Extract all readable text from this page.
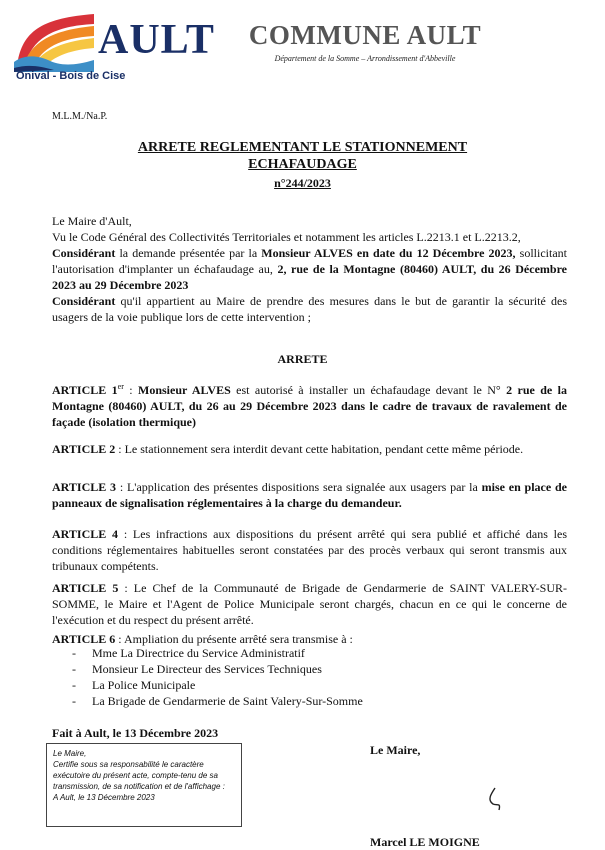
AULT
Onival - Bois de Cise
COMMUNE AULT
Département de la Somme – Arrondissement d'Abbeville
M.L.M./Na.P.
ARRETE REGLEMENTANT LE STATIONNEMENT
ECHAFAUDAGE
n°244/2023
Le Maire d'Ault,
Vu le Code Général des Collectivités Territoriales et notamment les articles L.2213.1 et L.2213.2,
Considérant la demande présentée par la Monsieur ALVES en date du 12 Décembre 2023, sollicitant l'autorisation d'implanter un échafaudage au, 2, rue de la Montagne (80460) AULT, du 26 Décembre 2023 au 29 Décembre 2023
Considérant qu'il appartient au Maire de prendre des mesures dans le but de garantir la sécurité des usagers de la voie publique lors de cette intervention ;
ARRETE
ARTICLE 1er : Monsieur ALVES est autorisé à installer un échafaudage devant le N° 2 rue de la Montagne (80460) AULT, du 26 au 29 Décembre 2023 dans le cadre de travaux de ravalement de façade (isolation thermique)
ARTICLE 2 : Le stationnement sera interdit devant cette habitation, pendant cette même période.
ARTICLE 3 : L'application des présentes dispositions sera signalée aux usagers par la mise en place de panneaux de signalisation réglementaires à la charge du demandeur.
ARTICLE 4 : Les infractions aux dispositions du présent arrêté qui sera publié et affiché dans les conditions réglementaires habituelles seront constatées par des procès verbaux qui seront transmis aux tribunaux compétents.
ARTICLE 5 : Le Chef de la Communauté de Brigade de Gendarmerie de SAINT VALERY-SUR-SOMME, le Maire et l'Agent de Police Municipale seront chargés, chacun en ce qui le concerne de l'exécution et du respect du présent arrêté.
ARTICLE 6 : Ampliation du présente arrêté sera transmise à :
- Mme La Directrice du Service Administratif
- Monsieur Le Directeur des Services Techniques
- La Police Municipale
- La Brigade de Gendarmerie de Saint Valery-Sur-Somme
Fait à Ault, le 13 Décembre 2023
Le Maire,
Certifie sous sa responsabilité le caractère exécutoire du présent acte, compte-tenu de sa transmission, de sa notification et de l'affichage :
A Ault, le 13 Décembre 2023
Le Maire,
Marcel LE MOIGNE
